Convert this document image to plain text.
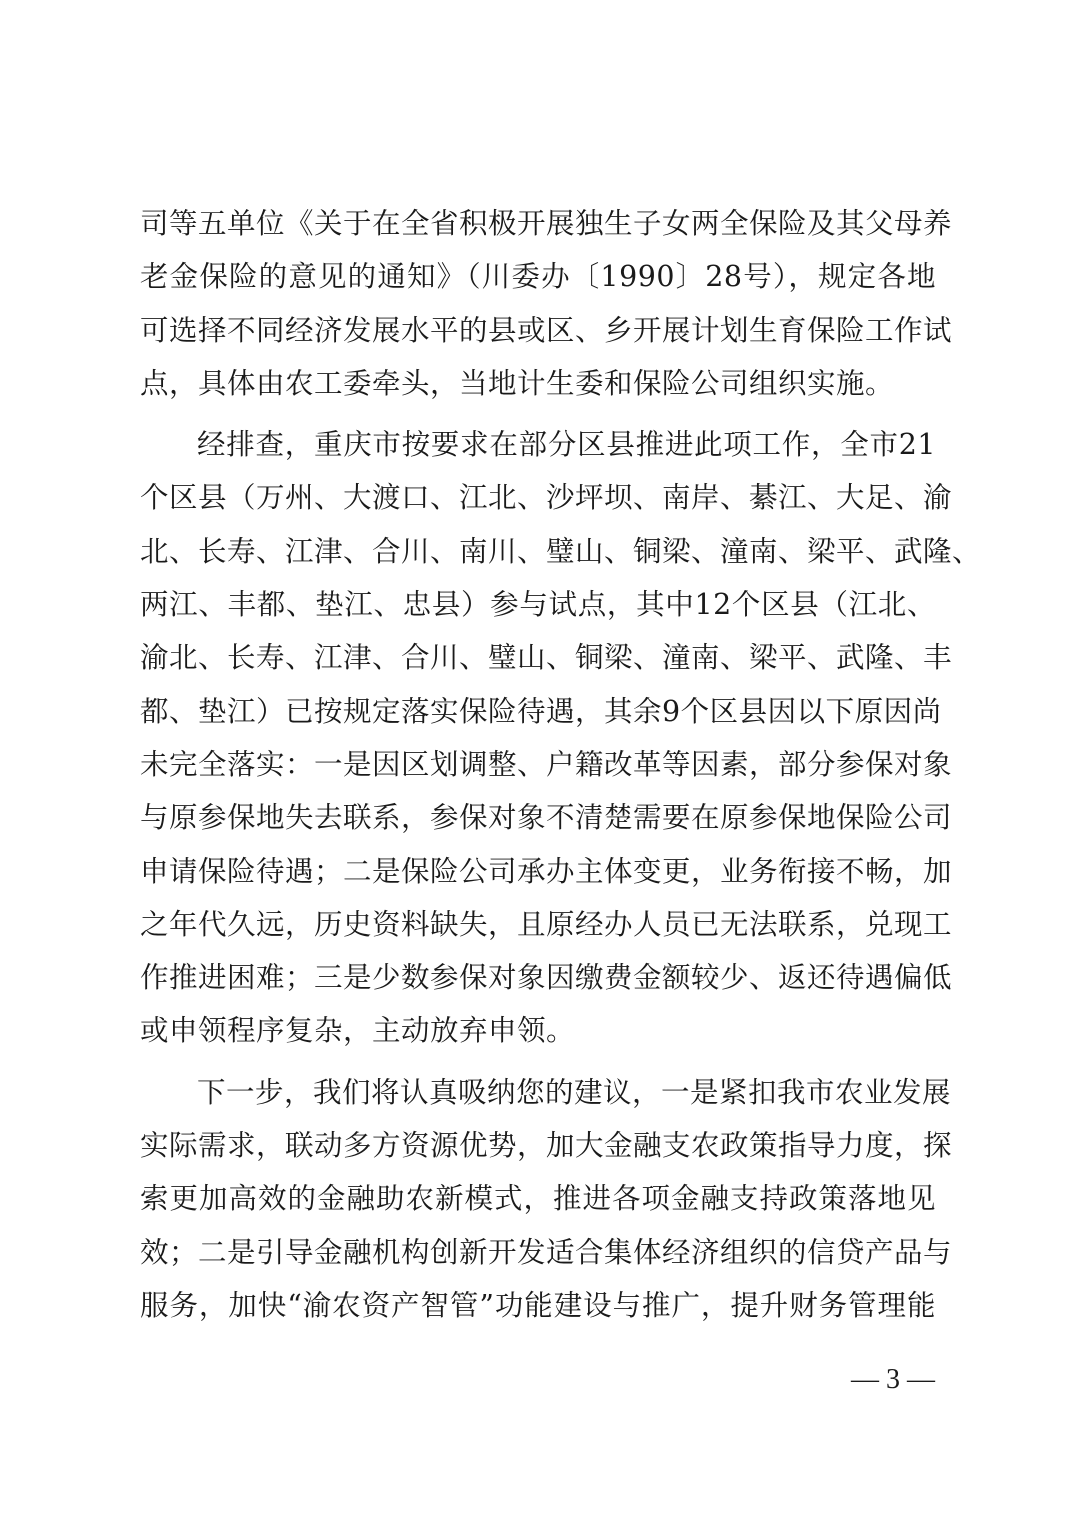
司等五单位《关于在全省积极开展独生子女两全保险及其父母养
老金保险的意见的通知》（川委办〔1990〕28号），规定各地
可选择不同经济发展水平的县或区、乡开展计划生育保险工作试
点，具体由农工委牵头，当地计生委和保险公司组织实施。
经排查，重庆市按要求在部分区县推进此项工作，全市21
个区县（万州、大渡口、江北、沙坪坝、南岸、綦江、大足、渝
北、长寿、江津、合川、南川、璧山、铜梁、潼南、梁平、武隆、
两江、丰都、垫江、忠县）参与试点，其中12个区县（江北、
渝北、长寿、江津、合川、璧山、铜梁、潼南、梁平、武隆、丰
都、垫江）已按规定落实保险待遇，其余9个区县因以下原因尚
未完全落实：一是因区划调整、户籍改革等因素，部分参保对象
与原参保地失去联系，参保对象不清楚需要在原参保地保险公司
申请保险待遇；二是保险公司承办主体变更，业务衔接不畅，加
之年代久远，历史资料缺失，且原经办人员已无法联系，兑现工
作推进困难；三是少数参保对象因缴费金额较少、返还待遇偏低
或申领程序复杂，主动放弃申领。
下一步，我们将认真吸纳您的建议，一是紧扣我市农业发展
实际需求，联动多方资源优势，加大金融支农政策指导力度，探
索更加高效的金融助农新模式，推进各项金融支持政策落地见
效；二是引导金融机构创新开发适合集体经济组织的信贷产品与
服务，加快“渝农资产智管”功能建设与推广，提升财务管理能
— 3 —
